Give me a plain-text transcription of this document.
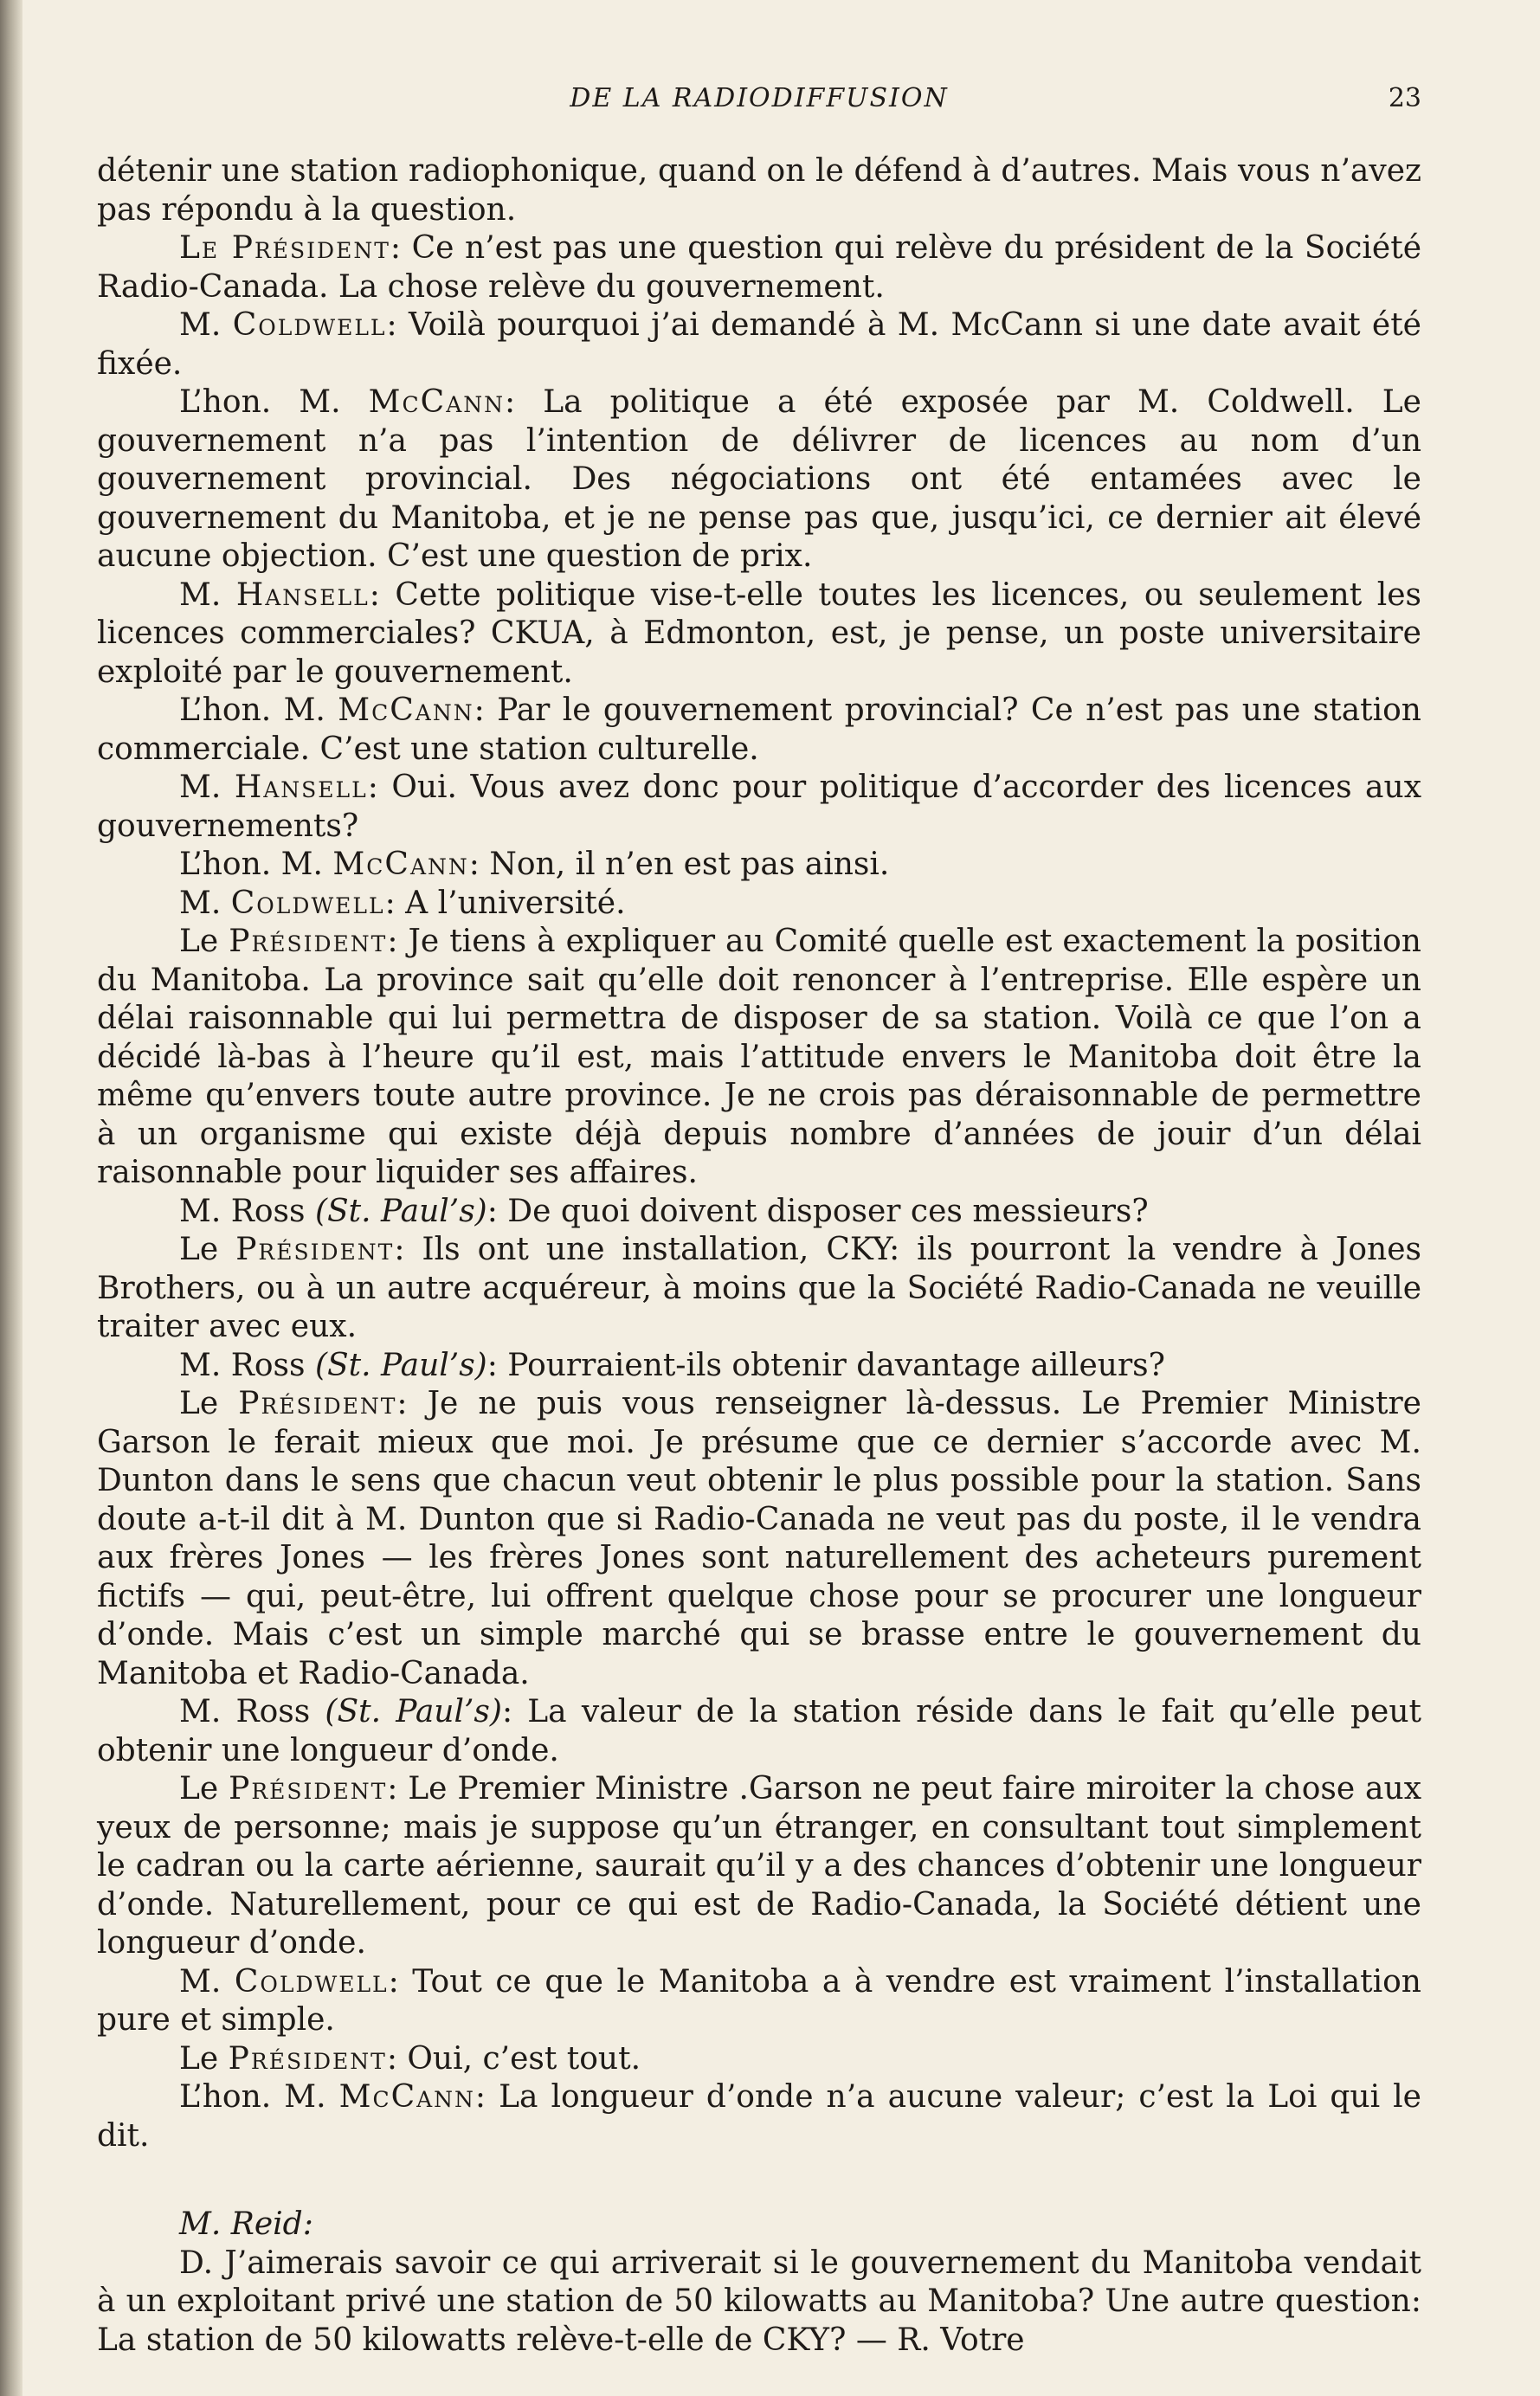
DE LA RADIODIFFUSION	23

détenir une station radiophonique, quand on le défend à d’autres. Mais vous n’avez pas répondu à la question.

Le Président: Ce n’est pas une question qui relève du président de la Société Radio-Canada. La chose relève du gouvernement.

M. Coldwell: Voilà pourquoi j’ai demandé à M. McCann si une date avait été fixée.

L’hon. M. McCann: La politique a été exposée par M. Coldwell. Le gouvernement n’a pas l’intention de délivrer de licences au nom d’un gouvernement provincial. Des négociations ont été entamées avec le gouvernement du Manitoba, et je ne pense pas que, jusqu’ici, ce dernier ait élevé aucune objection. C’est une question de prix.

M. Hansell: Cette politique vise-t-elle toutes les licences, ou seulement les licences commerciales? CKUA, à Edmonton, est, je pense, un poste universitaire exploité par le gouvernement.

L’hon. M. McCann: Par le gouvernement provincial? Ce n’est pas une station commerciale. C’est une station culturelle.

M. Hansell: Oui. Vous avez donc pour politique d’accorder des licences aux gouvernements?

L’hon. M. McCann: Non, il n’en est pas ainsi.

M. Coldwell: A l’université.

Le Président: Je tiens à expliquer au Comité quelle est exactement la position du Manitoba. La province sait qu’elle doit renoncer à l’entreprise. Elle espère un délai raisonnable qui lui permettra de disposer de sa station. Voilà ce que l’on a décidé là-bas à l’heure qu’il est, mais l’attitude envers le Manitoba doit être la même qu’envers toute autre province. Je ne crois pas déraisonnable de permettre à un organisme qui existe déjà depuis nombre d’années de jouir d’un délai raisonnable pour liquider ses affaires.

M. Ross (St. Paul’s): De quoi doivent disposer ces messieurs?

Le Président: Ils ont une installation, CKY: ils pourront la vendre à Jones Brothers, ou à un autre acquéreur, à moins que la Société Radio-Canada ne veuille traiter avec eux.

M. Ross (St. Paul’s): Pourraient-ils obtenir davantage ailleurs?

Le Président: Je ne puis vous renseigner là-dessus. Le Premier Ministre Garson le ferait mieux que moi. Je présume que ce dernier s’accorde avec M. Dunton dans le sens que chacun veut obtenir le plus possible pour la station. Sans doute a-t-il dit à M. Dunton que si Radio-Canada ne veut pas du poste, il le vendra aux frères Jones — les frères Jones sont naturellement des acheteurs purement fictifs — qui, peut-être, lui offrent quelque chose pour se procurer une longueur d’onde. Mais c’est un simple marché qui se brasse entre le gouvernement du Manitoba et Radio-Canada.

M. Ross (St. Paul’s): La valeur de la station réside dans le fait qu’elle peut obtenir une longueur d’onde.

Le Président: Le Premier Ministre .Garson ne peut faire miroiter la chose aux yeux de personne; mais je suppose qu’un étranger, en consultant tout simplement le cadran ou la carte aérienne, saurait qu’il y a des chances d’obtenir une longueur d’onde. Naturellement, pour ce qui est de Radio-Canada, la Société détient une longueur d’onde.

M. Coldwell: Tout ce que le Manitoba a à vendre est vraiment l’installation pure et simple.

Le Président: Oui, c’est tout.

L’hon. M. McCann: La longueur d’onde n’a aucune valeur; c’est la Loi qui le dit.

M. Reid:

D. J’aimerais savoir ce qui arriverait si le gouvernement du Manitoba vendait à un exploitant privé une station de 50 kilowatts au Manitoba? Une autre question: La station de 50 kilowatts relève-t-elle de CKY? — R. Votre
